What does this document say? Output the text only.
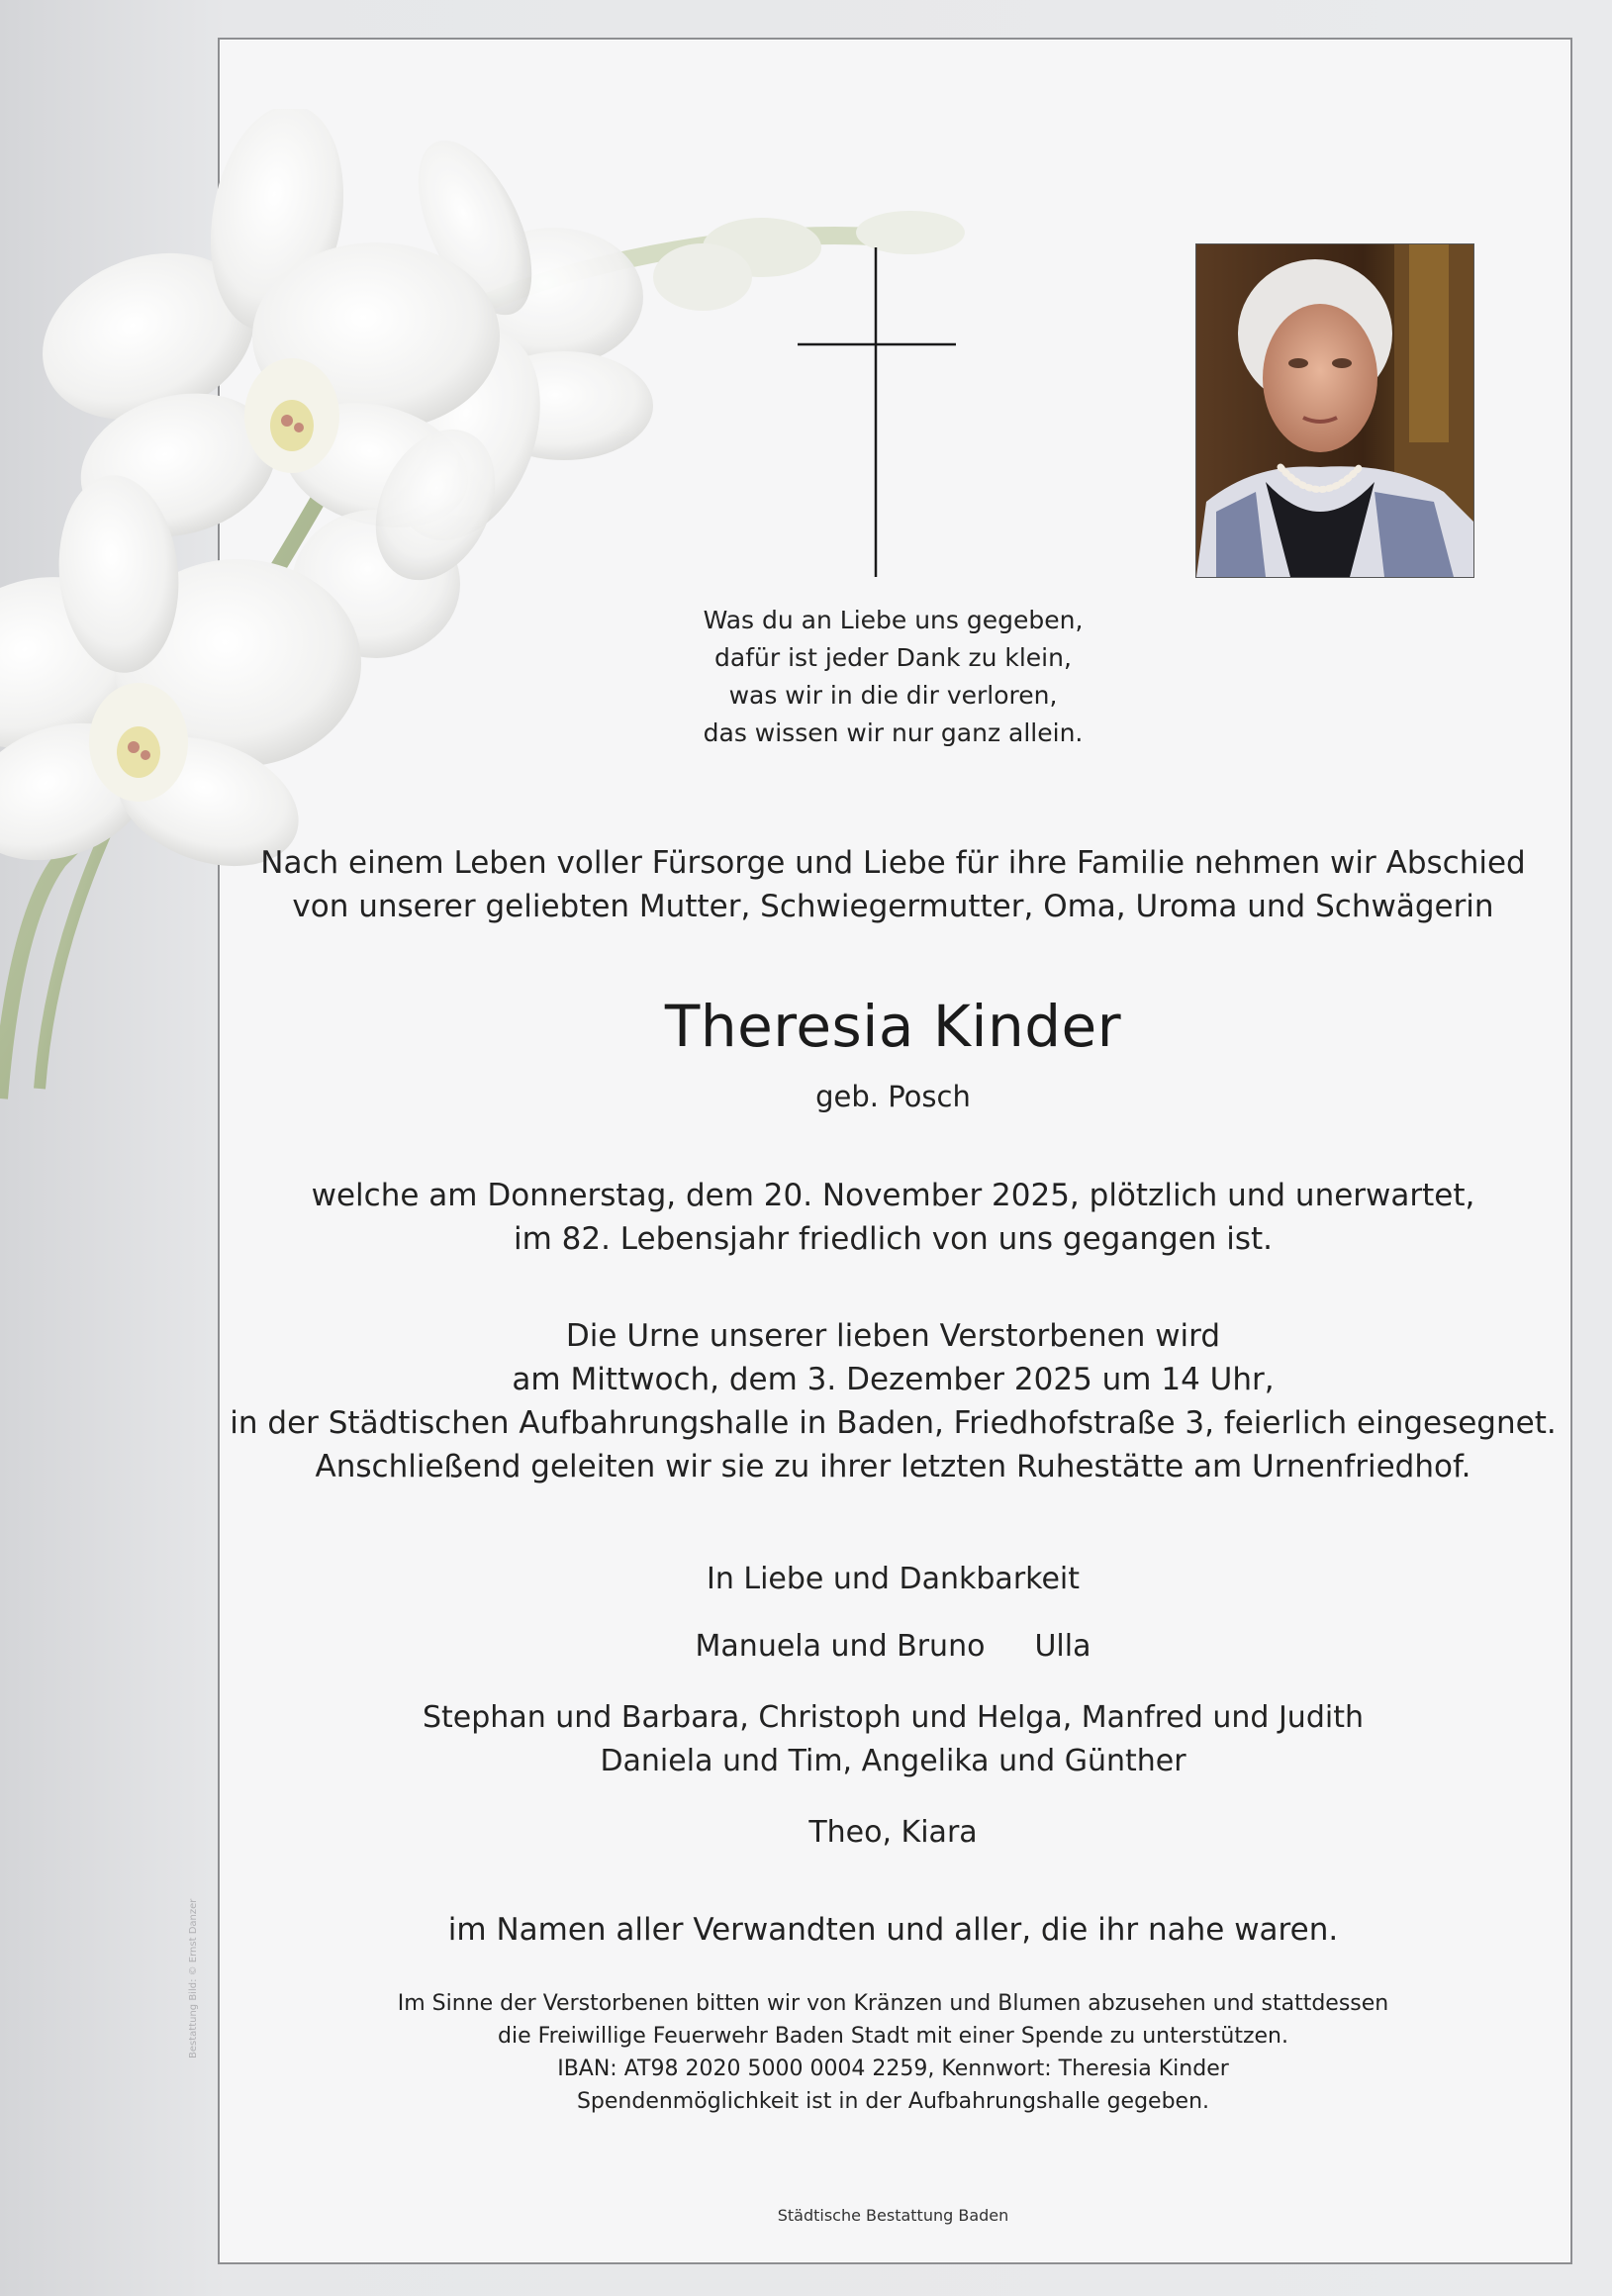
Was du an Liebe uns gegeben,
dafür ist jeder Dank zu klein,
was wir in die dir verloren,
das wissen wir nur ganz allein.
Nach einem Leben voller Fürsorge und Liebe für ihre Familie nehmen wir Abschied
von unserer geliebten Mutter, Schwiegermutter, Oma, Uroma und Schwägerin
Theresia Kinder
geb. Posch
welche am Donnerstag, dem 20. November 2025, plötzlich und unerwartet,
im 82. Lebensjahr friedlich von uns gegangen ist.
Die Urne unserer lieben Verstorbenen wird
am Mittwoch, dem 3. Dezember 2025 um 14 Uhr,
in der Städtischen Aufbahrungshalle in Baden, Friedhofstraße 3, feierlich eingesegnet.
Anschließend geleiten wir sie zu ihrer letzten Ruhestätte am Urnenfriedhof.
In Liebe und Dankbarkeit
Manuela und Bruno Ulla
Stephan und Barbara, Christoph und Helga, Manfred und Judith
Daniela und Tim, Angelika und Günther
Theo, Kiara
im Namen aller Verwandten und aller, die ihr nahe waren.
Im Sinne der Verstorbenen bitten wir von Kränzen und Blumen abzusehen und stattdessen
die Freiwillige Feuerwehr Baden Stadt mit einer Spende zu unterstützen.
IBAN: AT98 2020 5000 0004 2259, Kennwort: Theresia Kinder
Spendenmöglichkeit ist in der Aufbahrungshalle gegeben.
Städtische Bestattung Baden
Bestattung Bild: © Ernst Danzer
